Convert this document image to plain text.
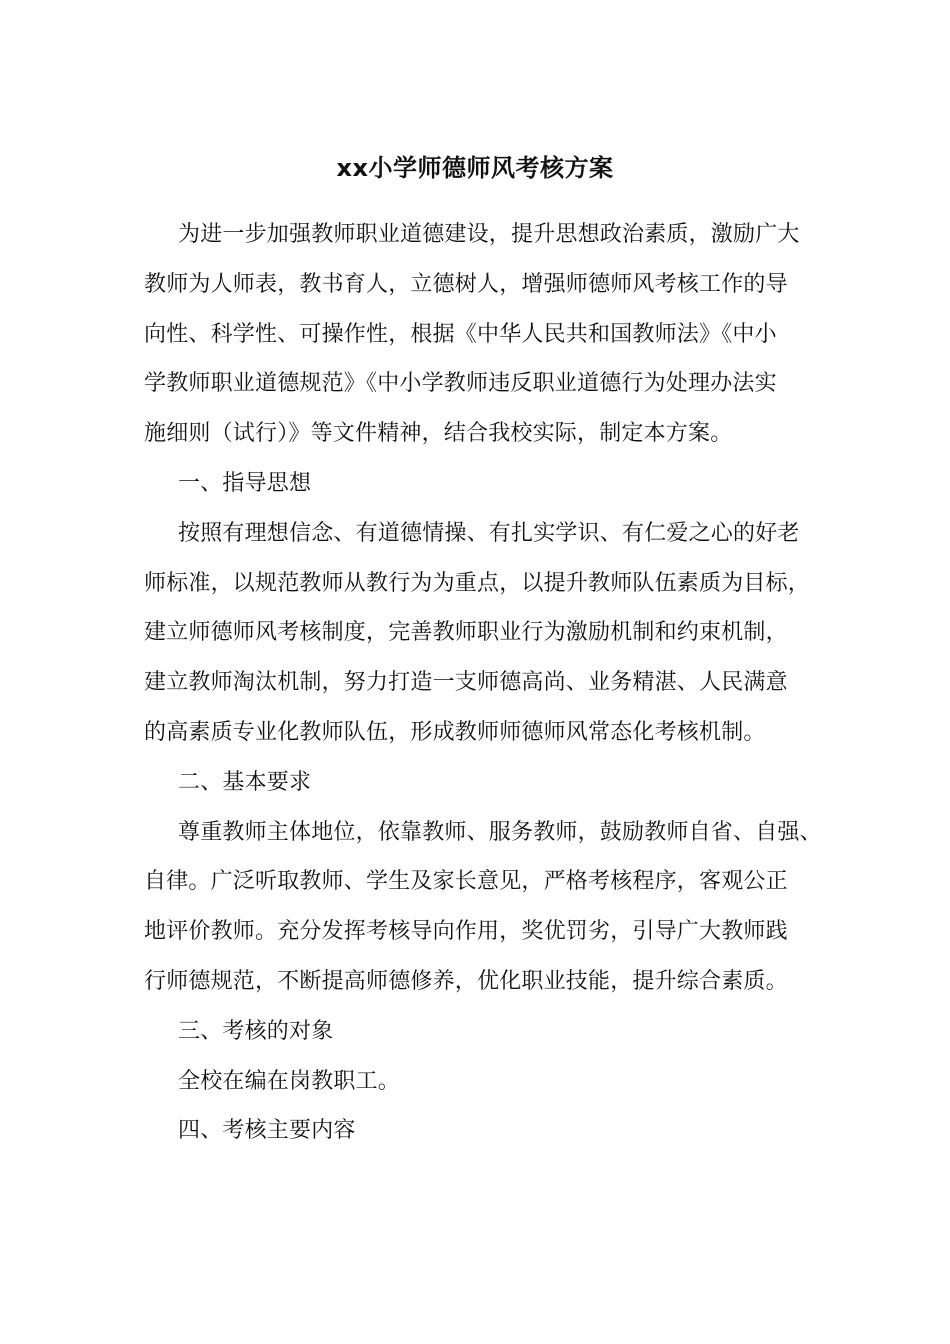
xx小学师德师风考核方案
为进一步加强教师职业道德建设，提升思想政治素质，激励广大
教师为人师表，教书育人，立德树人，增强师德师风考核工作的导
向性、科学性、可操作性，根据《中华人民共和国教师法》《中小
学教师职业道德规范》《中小学教师违反职业道德行为处理办法实
施细则（试行）》等文件精神，结合我校实际，制定本方案。
一、指导思想
按照有理想信念、有道德情操、有扎实学识、有仁爱之心的好老
师标准，以规范教师从教行为为重点，以提升教师队伍素质为目标，
建立师德师风考核制度，完善教师职业行为激励机制和约束机制，
建立教师淘汰机制，努力打造一支师德高尚、业务精湛、人民满意
的高素质专业化教师队伍，形成教师师德师风常态化考核机制。
二、基本要求
尊重教师主体地位，依靠教师、服务教师，鼓励教师自省、自强、
自律。广泛听取教师、学生及家长意见，严格考核程序，客观公正
地评价教师。充分发挥考核导向作用，奖优罚劣，引导广大教师践
行师德规范，不断提高师德修养，优化职业技能，提升综合素质。
三、考核的对象
全校在编在岗教职工。
四、考核主要内容
